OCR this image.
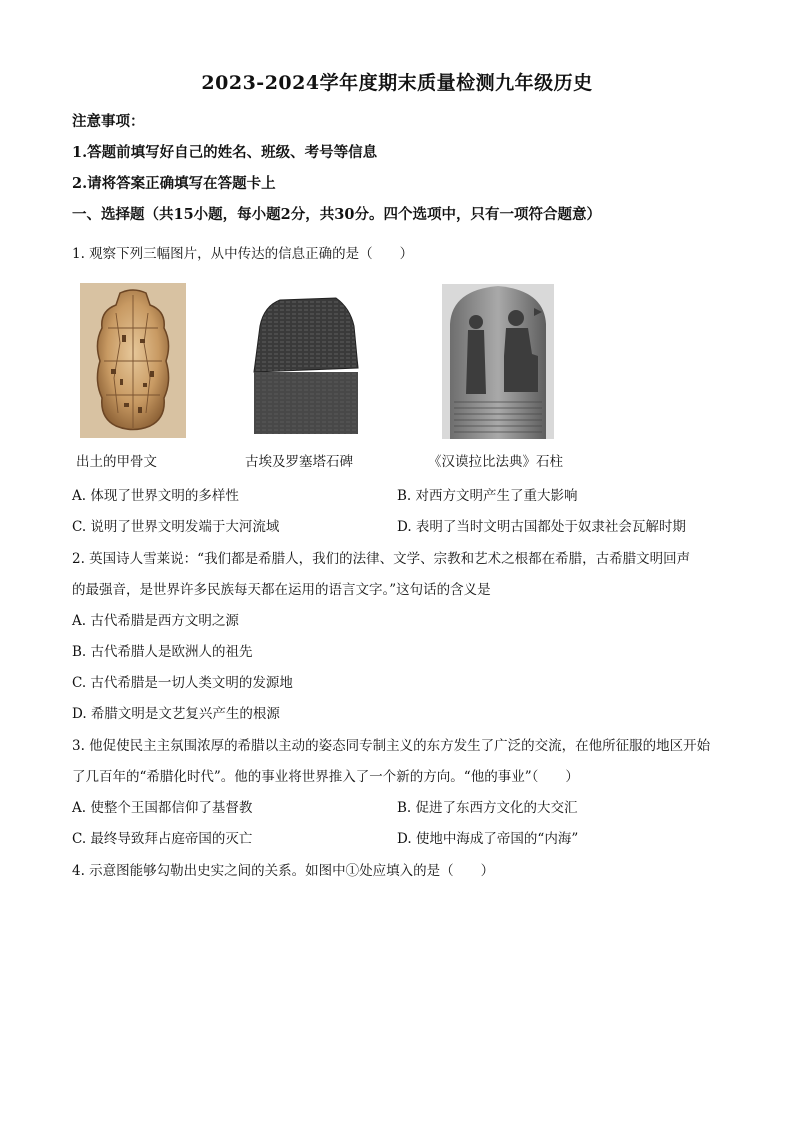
2023-2024学年度期末质量检测九年级历史
注意事项：
1.答题前填写好自己的姓名、班级、考号等信息
2.请将答案正确填写在答题卡上
一、选择题（共15小题，每小题2分，共30分。四个选项中，只有一项符合题意）
1. 观察下列三幅图片，从中传达的信息正确的是（　　）
出土的甲骨文	古埃及罗塞塔石碑	《汉谟拉比法典》石柱
A. 体现了世界文明的多样性	B. 对西方文明产生了重大影响
C. 说明了世界文明发端于大河流域	D. 表明了当时文明古国都处于奴隶社会瓦解时期
2. 英国诗人雪莱说：“我们都是希腊人，我们的法律、文学、宗教和艺术之根都在希腊，古希腊文明回声
的最强音，是世界许多民族每天都在运用的语言文字。”这句话的含义是
A. 古代希腊是西方文明之源
B. 古代希腊人是欧洲人的祖先
C. 古代希腊是一切人类文明的发源地
D. 希腊文明是文艺复兴产生的根源
3. 他促使民主主氛围浓厚的希腊以主动的姿态同专制主义的东方发生了广泛的交流，在他所征服的地区开始
了几百年的“希腊化时代”。他的事业将世界推入了一个新的方向。“他的事业”（　　）
A. 使整个王国都信仰了基督教	B. 促进了东西方文化的大交汇
C. 最终导致拜占庭帝国的灭亡	D. 使地中海成了帝国的“内海”
4. 示意图能够勾勒出史实之间的关系。如图中①处应填入的是（　　）
